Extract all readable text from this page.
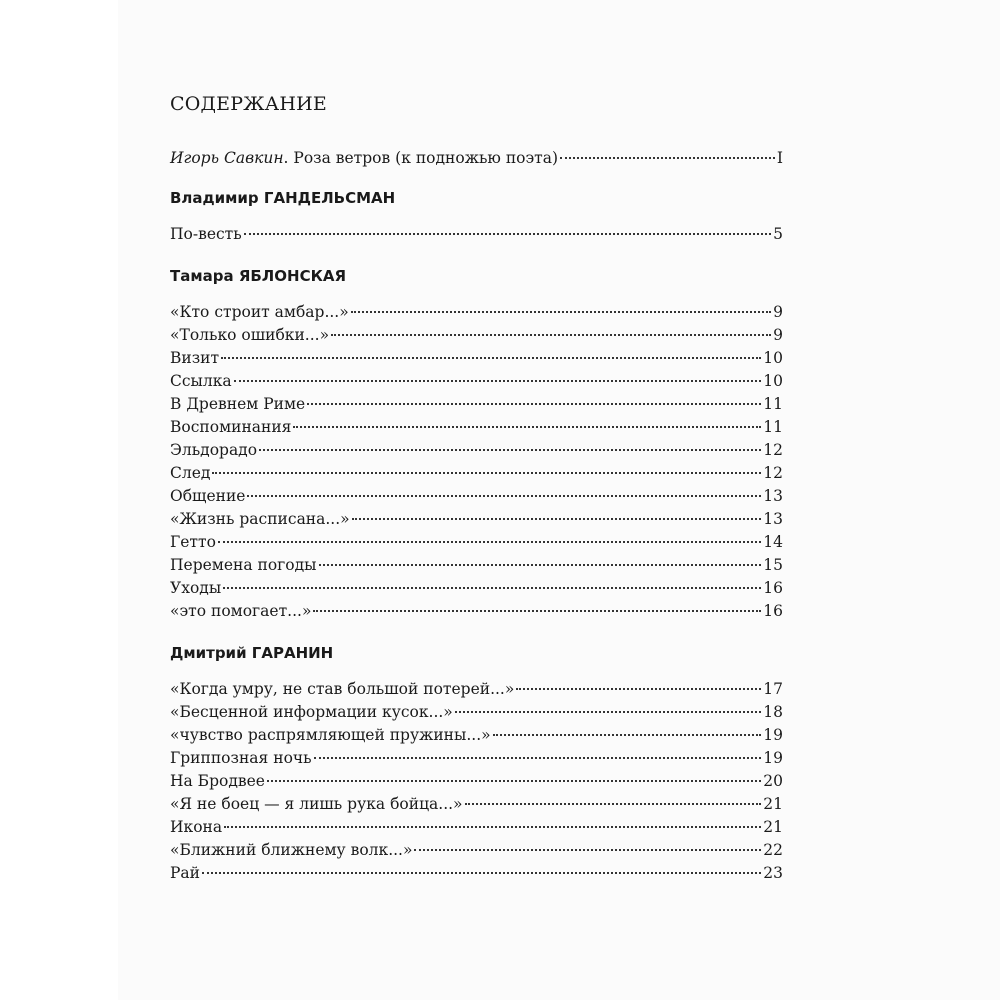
СОДЕРЖАНИЕ
Игорь Савкин. Роза ветров (к подножью поэта)	I
Владимир ГАНДЕЛЬСМАН
По-весть	5
Тамара ЯБЛОНСКАЯ
«Кто строит амбар...»	9
«Только ошибки...»	9
Визит	10
Ссылка	10
В Древнем Риме	11
Воспоминания	11
Эльдорадо	12
След	12
Общение	13
«Жизнь расписана...»	13
Гетто	14
Перемена погоды	15
Уходы	16
«это помогает...»	16
Дмитрий ГАРАНИН
«Когда умру, не став большой потерей...»	17
«Бесценной информации кусок...»	18
«чувство распрямляющей пружины...»	19
Гриппозная ночь	19
На Бродвее	20
«Я не боец — я лишь рука бойца...»	21
Икона	21
«Ближний ближнему волк...»	22
Рай	23
